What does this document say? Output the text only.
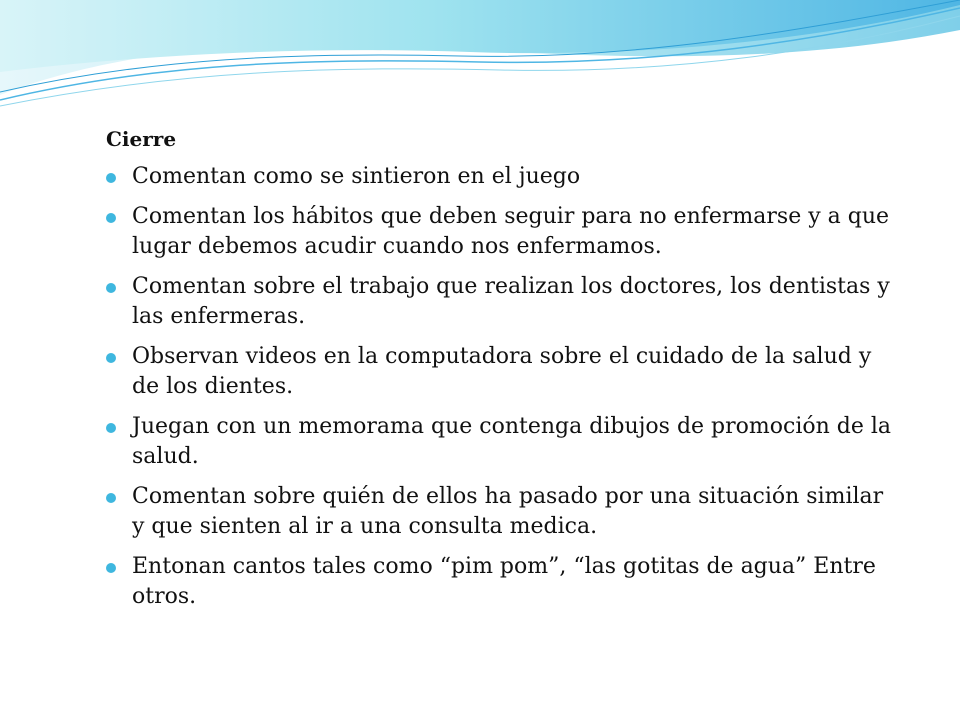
Cierre
Comentan como se sintieron en el juego
Comentan los hábitos que deben seguir para no enfermarse y a que lugar debemos acudir cuando nos enfermamos.
Comentan sobre el trabajo que realizan los doctores, los dentistas y las enfermeras.
Observan videos en la computadora sobre el cuidado de la salud y de los dientes.
Juegan con un memorama que contenga dibujos de promoción de la salud.
Comentan sobre quién de ellos ha pasado por una situación similar y que sienten al ir a una consulta medica.
Entonan cantos tales como “pim pom”, “las gotitas de agua” Entre otros.
